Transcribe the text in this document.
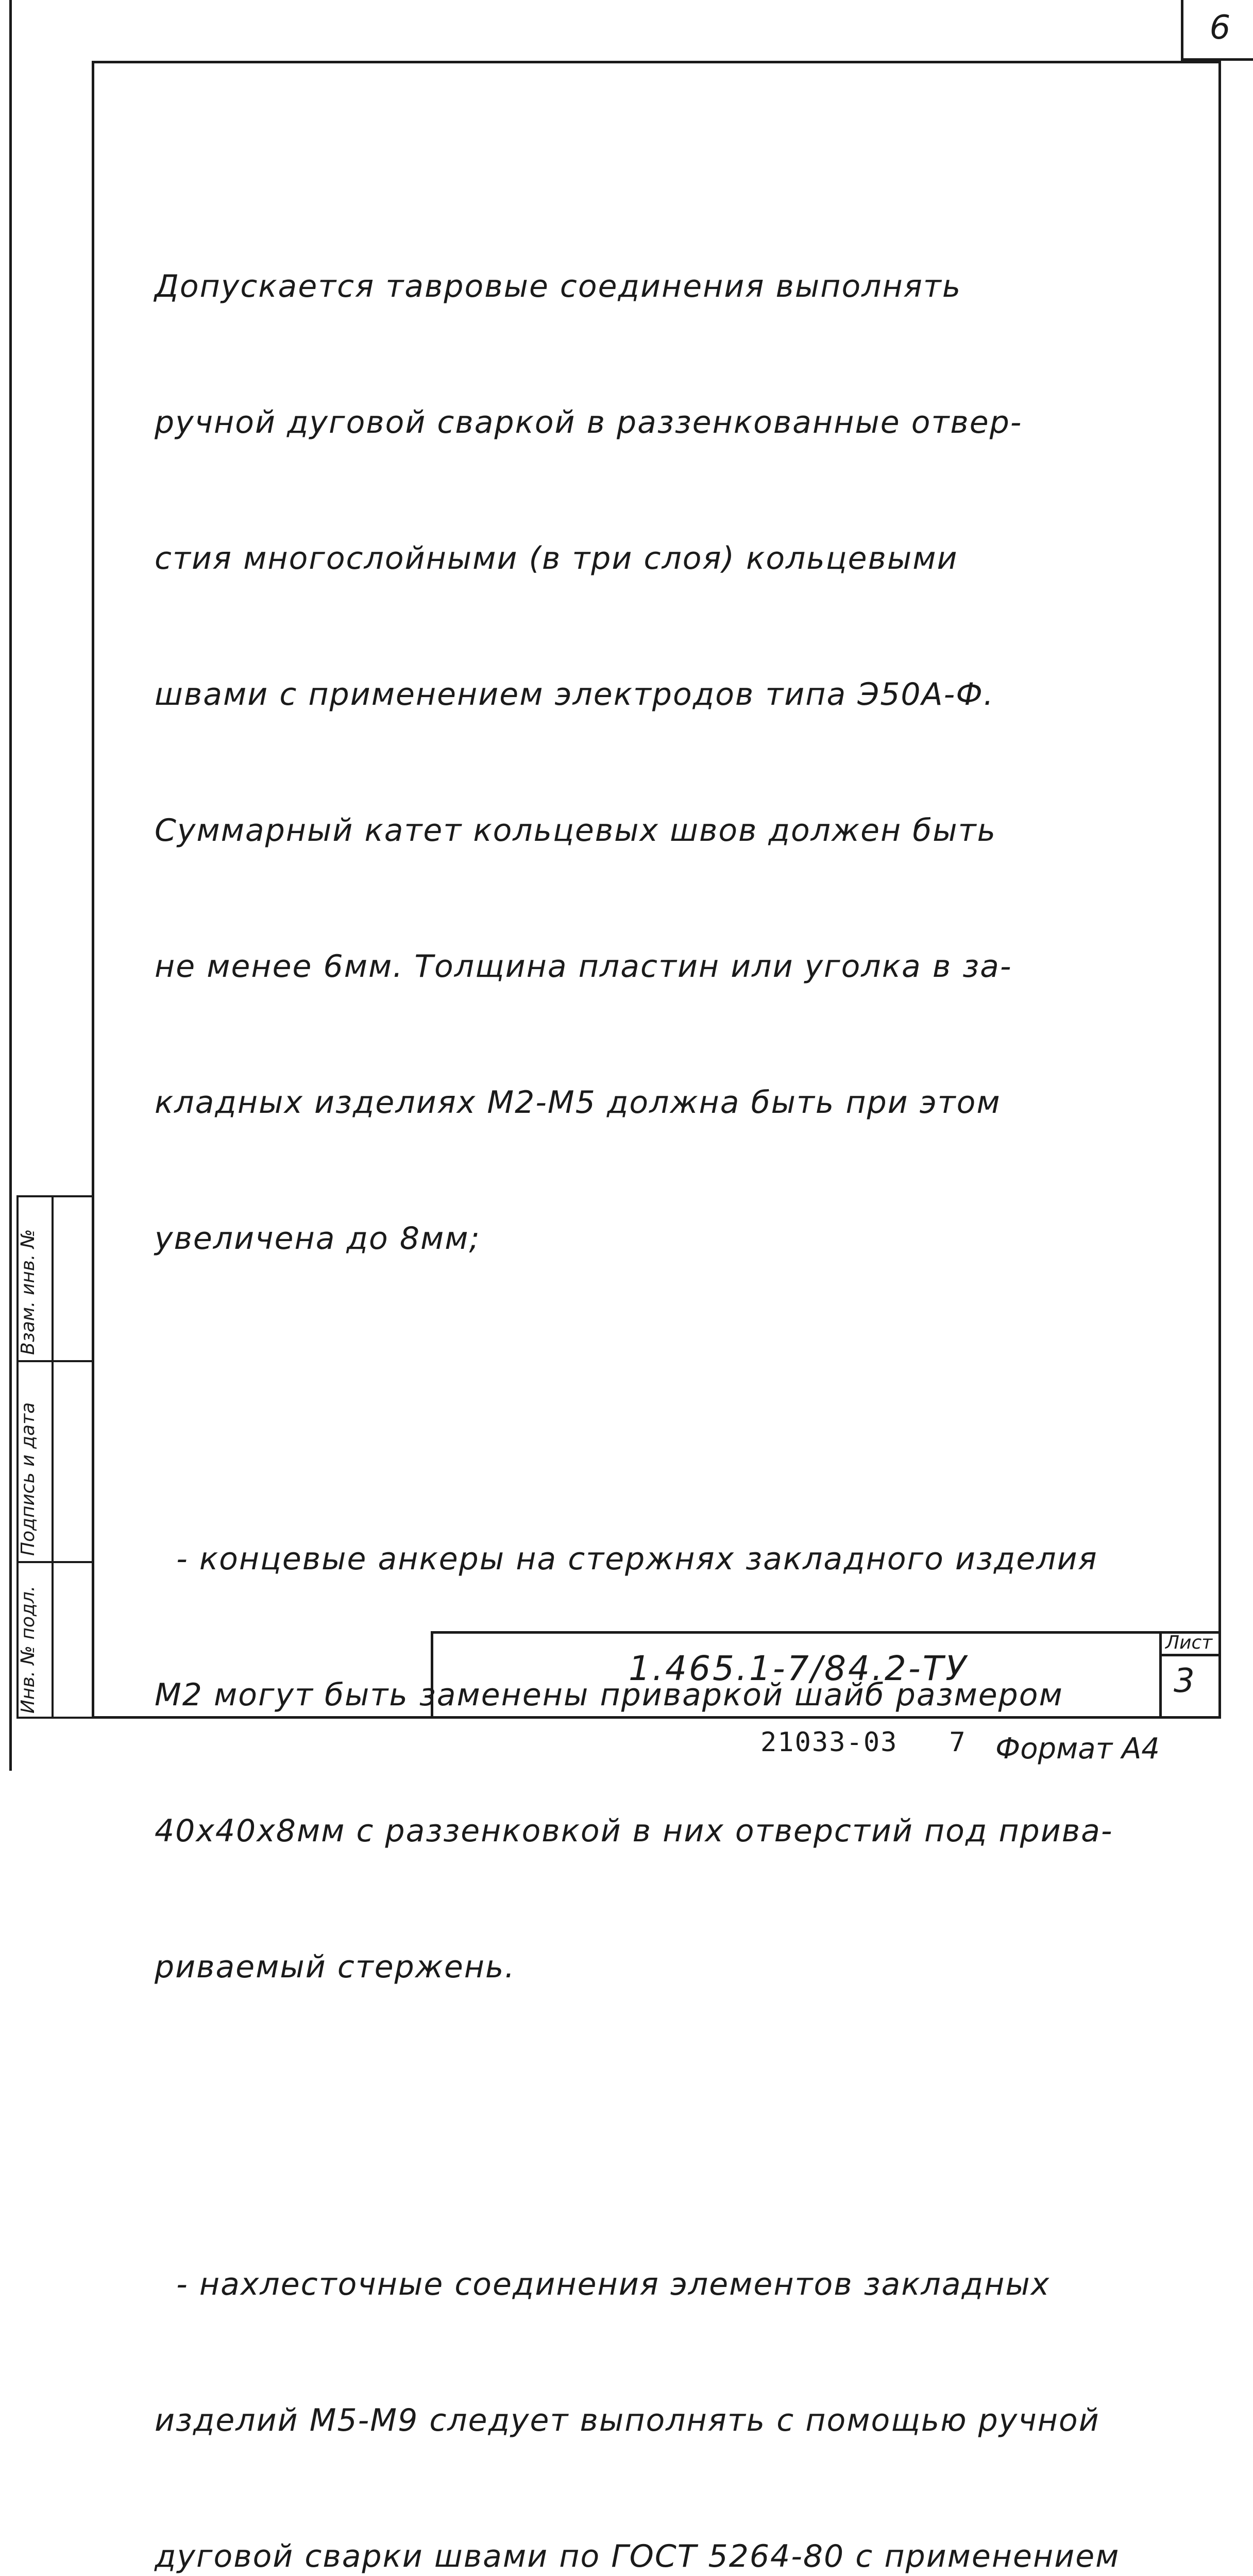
6

Допускается тавровые соединения выполнять

ручной дуговой сваркой в раззенкованные отвер-

стия многослойными (в три слоя) кольцевыми

швами с применением электродов типа Э50А-Ф.

Суммарный катет кольцевых швов должен быть

не менее 6мм. Толщина пластин или уголка в за-

кладных изделиях М2-М5 должна быть при этом

увеличена до 8мм;

- концевые анкеры на стержнях закладного изделия

М2 могут быть заменены приваркой шайб размером

40х40х8мм с раззенковкой в них отверстий под прива-

риваемый стержень.

- нахлесточные соединения элементов закладных

изделий М5-М9 следует выполнять с помощью ручной

дуговой сварки швами по ГОСТ 5264-80 с применением

Взам. инв. №
Подпись и дата
Инв. № подл.	1.465.1-7/84.2-ТУ
Лист
3
21033-03   7 Формат А4
